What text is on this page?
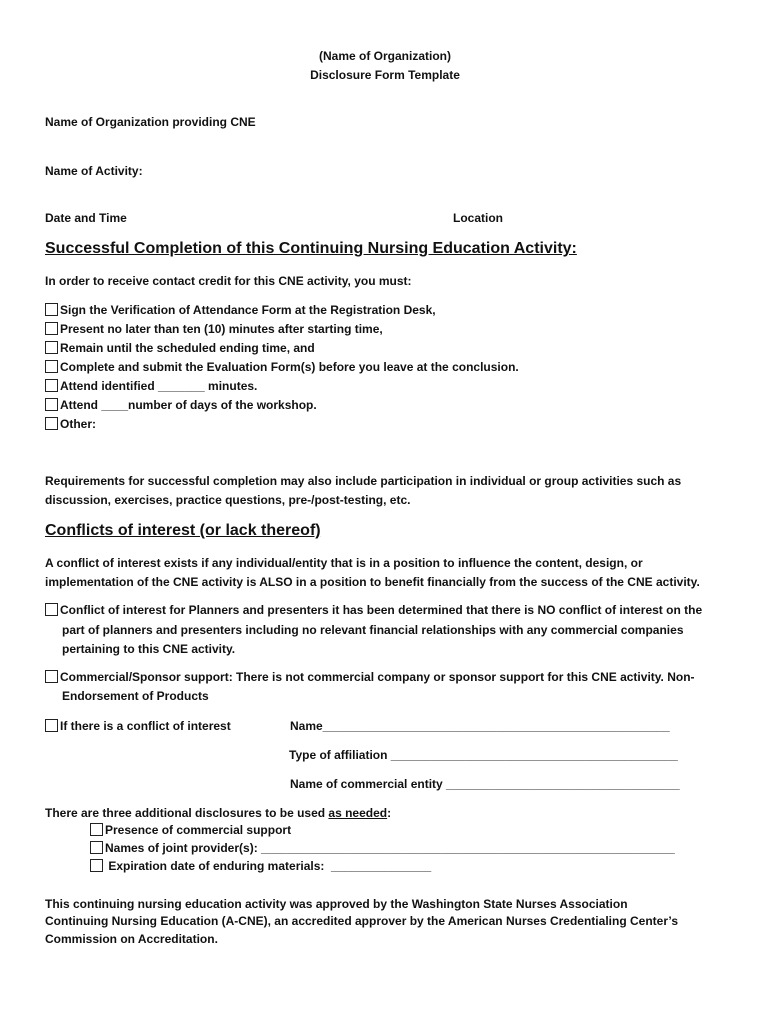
(Name of Organization)
Disclosure Form Template
Name of Organization providing CNE
Name of Activity:
Date and Time	Location
Successful Completion of this Continuing Nursing Education Activity:
In order to receive contact credit for this CNE activity, you must:
Sign the Verification of Attendance Form at the Registration Desk,
Present no later than ten (10) minutes after starting time,
Remain until the scheduled ending time, and
Complete and submit the Evaluation Form(s) before you leave at the conclusion.
Attend identified _______ minutes.
Attend ____number of days of the workshop.
Other:
Requirements for successful completion may also include participation in individual or group activities such as
discussion, exercises, practice questions, pre-/post-testing, etc.
Conflicts of interest (or lack thereof)
A conflict of interest exists if any individual/entity that is in a position to influence the content, design, or
implementation of the CNE activity is ALSO in a position to benefit financially from the success of the CNE activity.
Conflict of interest for Planners and presenters it has been determined that there is NO conflict of interest on the
part of planners and presenters including no relevant financial relationships with any commercial companies
pertaining to this CNE activity.
Commercial/Sponsor support: There is not commercial company or sponsor support for this CNE activity. Non-
Endorsement of Products
If there is a conflict of interest	Name____________________________________________________
Type of affiliation ___________________________________________
Name of commercial entity ___________________________________
There are three additional disclosures to be used as needed:
Presence of commercial support
Names of joint provider(s): ______________________________________________________________
Expiration date of enduring materials:  _______________
This continuing nursing education activity was approved by the Washington State Nurses Association
Continuing Nursing Education (A-CNE), an accredited approver by the American Nurses Credentialing Center’s
Commission on Accreditation.
